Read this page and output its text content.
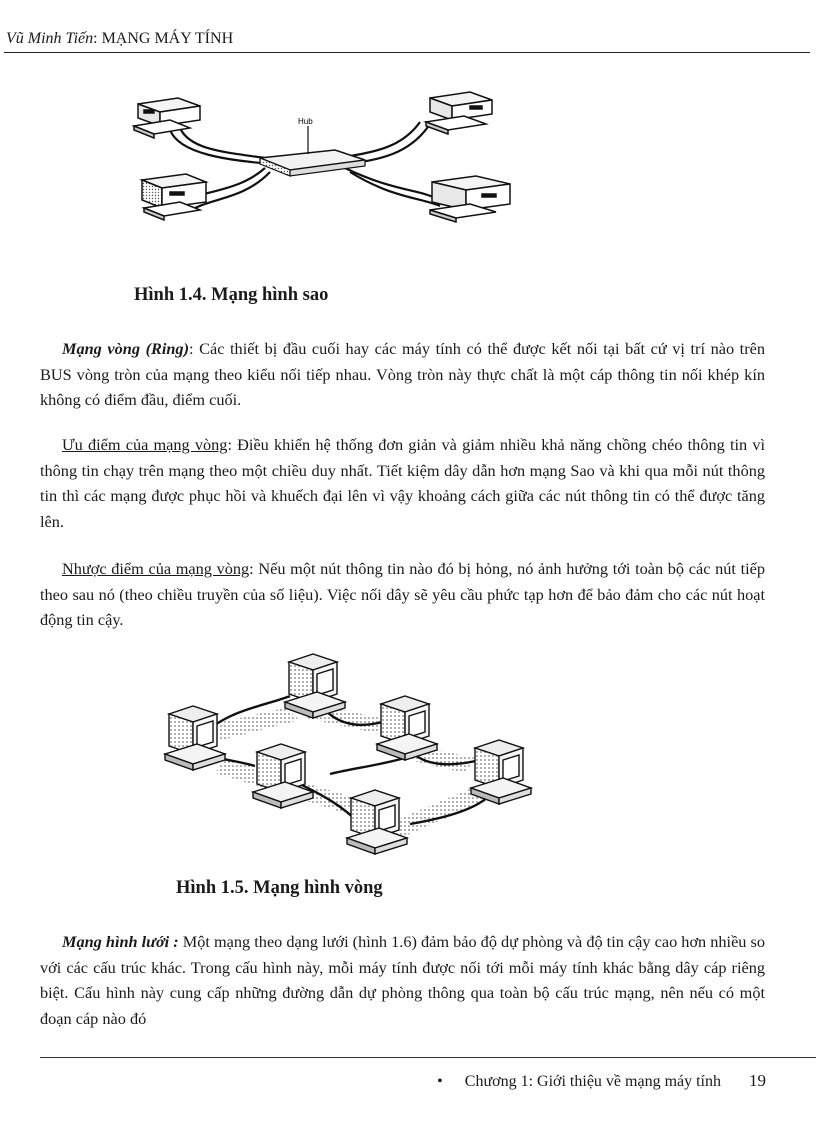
Vũ Minh Tiến: MẠNG MÁY TÍNH
Hub
Hình 1.4. Mạng hình sao

Mạng vòng (Ring): Các thiết bị đầu cuối hay các máy tính có thể được kết nối tại bất cứ vị trí nào trên BUS vòng tròn của mạng theo kiểu nối tiếp nhau. Vòng tròn này thực chất là một cáp thông tin nối khép kín không có điểm đầu, điểm cuối.

Ưu điểm của mạng vòng: Điều khiển hệ thống đơn giản và giảm nhiều khả năng chồng chéo thông tin vì thông tin chạy trên mạng theo một chiều duy nhất. Tiết kiệm dây dẫn hơn mạng Sao và khi qua mỗi nút thông tin thì các mạng được phục hồi và khuếch đại lên vì vậy khoảng cách giữa các nút thông tin có thể được tăng lên.

Nhược điểm của mạng vòng: Nếu một nút thông tin nào đó bị hỏng, nó ảnh hưởng tới toàn bộ các nút tiếp theo sau nó (theo chiều truyền của số liệu). Việc nối dây sẽ yêu cầu phức tạp hơn để bảo đảm cho các nút hoạt động tin cậy.

Hình 1.5. Mạng hình vòng

Mạng hình lưới : Một mạng theo dạng lưới (hình 1.6) đảm bảo độ dự phòng và độ tin cậy cao hơn nhiều so với các cấu trúc khác. Trong cấu hình này, mỗi máy tính được nối tới mỗi máy tính khác bằng dây cáp riêng biệt. Cấu hình này cung cấp những đường dẫn dự phòng thông qua toàn bộ cấu trúc mạng, nên nếu có một đoạn cáp nào đó

• Chương 1: Giới thiệu về mạng máy tính 19
